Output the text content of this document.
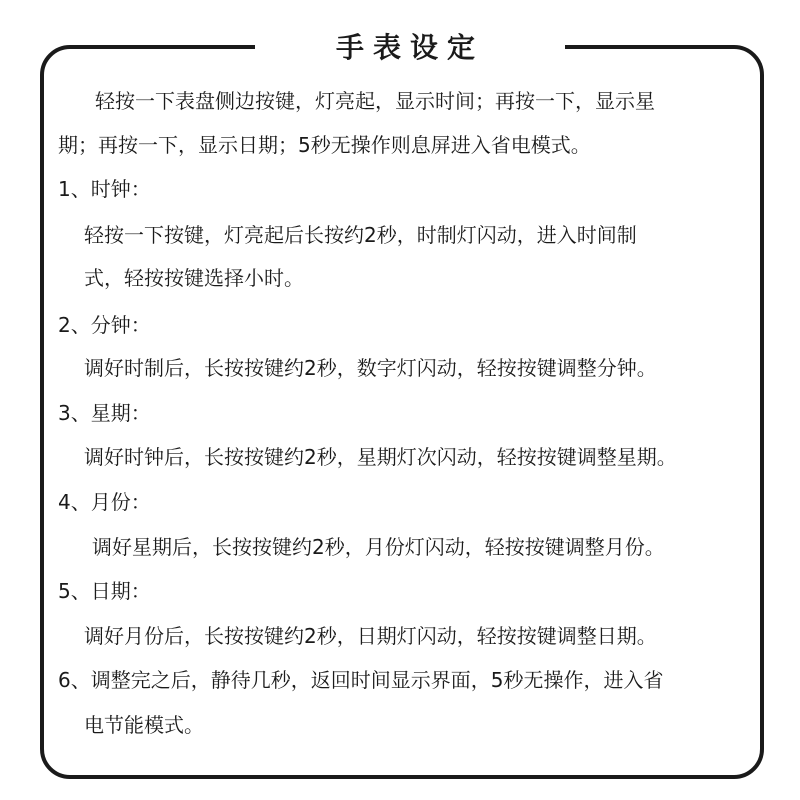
手表设定
轻按一下表盘侧边按键，灯亮起，显示时间；再按一下，显示星
期；再按一下，显示日期；5秒无操作则息屏进入省电模式。
1、时钟：
轻按一下按键，灯亮起后长按约2秒，时制灯闪动，进入时间制
式，轻按按键选择小时。
2、分钟：
调好时制后，长按按键约2秒，数字灯闪动，轻按按键调整分钟。
3、星期：
调好时钟后，长按按键约2秒，星期灯次闪动，轻按按键调整星期。
4、月份：
调好星期后，长按按键约2秒，月份灯闪动，轻按按键调整月份。
5、日期：
调好月份后，长按按键约2秒，日期灯闪动，轻按按键调整日期。
6、调整完之后，静待几秒，返回时间显示界面，5秒无操作，进入省
电节能模式。
